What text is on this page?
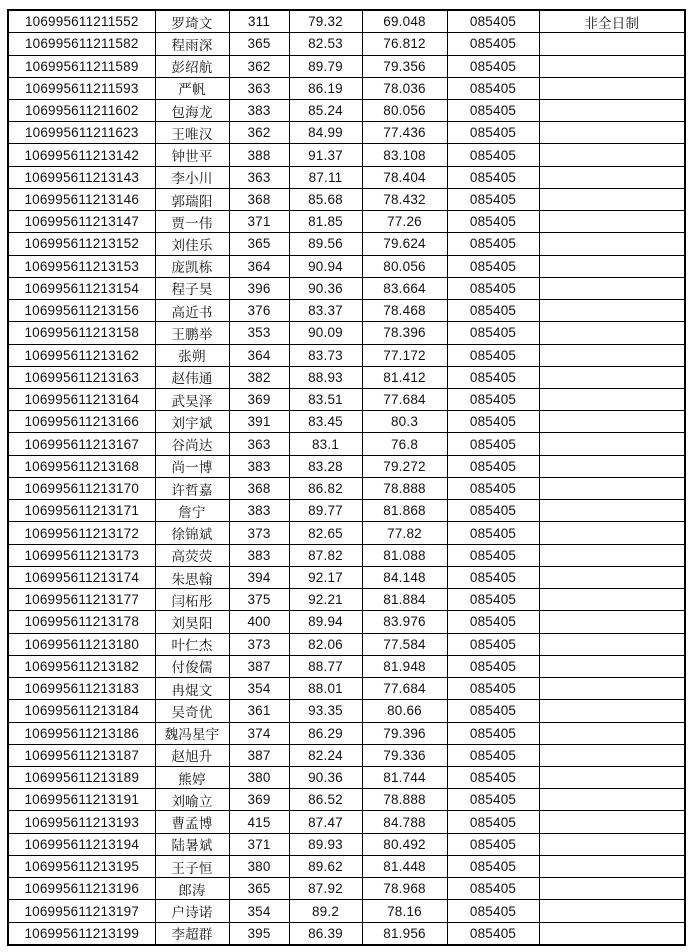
106995611211552	罗琦文	311	79.32	69.048	085405	非全日制
106995611211582	程雨深	365	82.53	76.812	085405	
106995611211589	彭绍航	362	89.79	79.356	085405	
106995611211593	严帆	363	86.19	78.036	085405	
106995611211602	包海龙	383	85.24	80.056	085405	
106995611211623	王唯汉	362	84.99	77.436	085405	
106995611213142	钟世平	388	91.37	83.108	085405	
106995611213143	李小川	363	87.11	78.404	085405	
106995611213146	郭瑞阳	368	85.68	78.432	085405	
106995611213147	贾一伟	371	81.85	77.26	085405	
106995611213152	刘佳乐	365	89.56	79.624	085405	
106995611213153	庞凯栋	364	90.94	80.056	085405	
106995611213154	程子昊	396	90.36	83.664	085405	
106995611213156	高近书	376	83.37	78.468	085405	
106995611213158	王鹏举	353	90.09	78.396	085405	
106995611213162	张朔	364	83.73	77.172	085405	
106995611213163	赵伟通	382	88.93	81.412	085405	
106995611213164	武昊泽	369	83.51	77.684	085405	
106995611213166	刘宇斌	391	83.45	80.3	085405	
106995611213167	谷尚达	363	83.1	76.8	085405	
106995611213168	尚一博	383	83.28	79.272	085405	
106995611213170	许哲嘉	368	86.82	78.888	085405	
106995611213171	詹宁	383	89.77	81.868	085405	
106995611213172	徐锦斌	373	82.65	77.82	085405	
106995611213173	高荧荧	383	87.82	81.088	085405	
106995611213174	朱思翰	394	92.17	84.148	085405	
106995611213177	闫柘彤	375	92.21	81.884	085405	
106995611213178	刘昊阳	400	89.94	83.976	085405	
106995611213180	叶仁杰	373	82.06	77.584	085405	
106995611213182	付俊儒	387	88.77	81.948	085405	
106995611213183	冉焜文	354	88.01	77.684	085405	
106995611213184	吴奇优	361	93.35	80.66	085405	
106995611213186	魏冯星宇	374	86.29	79.396	085405	
106995611213187	赵旭升	387	82.24	79.336	085405	
106995611213189	熊婷	380	90.36	81.744	085405	
106995611213191	刘喻立	369	86.52	78.888	085405	
106995611213193	曹孟博	415	87.47	84.788	085405	
106995611213194	陆暑斌	371	89.93	80.492	085405	
106995611213195	王子恒	380	89.62	81.448	085405	
106995611213196	郎涛	365	87.92	78.968	085405	
106995611213197	户诗诺	354	89.2	78.16	085405	
106995611213199	李超群	395	86.39	81.956	085405	
